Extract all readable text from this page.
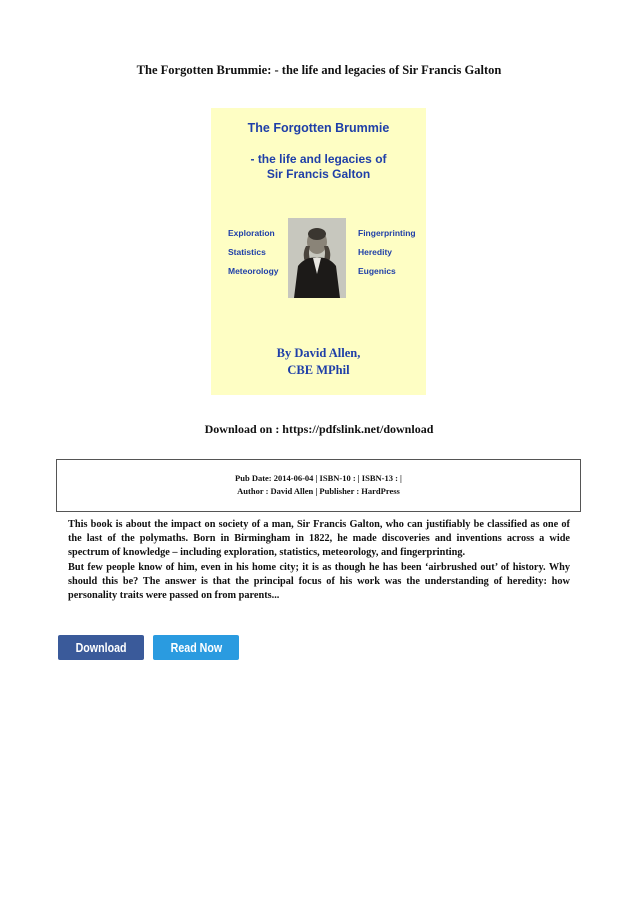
The Forgotten Brummie: - the life and legacies of Sir Francis Galton
The Forgotten Brummie
- the life and legacies of
Sir Francis Galton
Exploration
Statistics
Meteorology
Fingerprinting
Heredity
Eugenics
By David Allen,
CBE MPhil
Download on : https://pdfslink.net/download
Pub Date: 2014-06-04 | ISBN-10 : | ISBN-13 : |
Author : David Allen | Publisher : HardPress

This book is about the impact on society of a man, Sir Francis Galton, who can justifiably be classified as one of the last of the polymaths. Born in Birmingham in 1822, he made discoveries and inventions across a wide spectrum of knowledge – including exploration, statistics, meteorology, and fingerprinting.

But few people know of him, even in his home city; it is as though he has been ‘airbrushed out’ of history. Why should this be? The answer is that the principal focus of his work was the understanding of heredity: how personality traits were passed on from parents...

Download	Read Now
